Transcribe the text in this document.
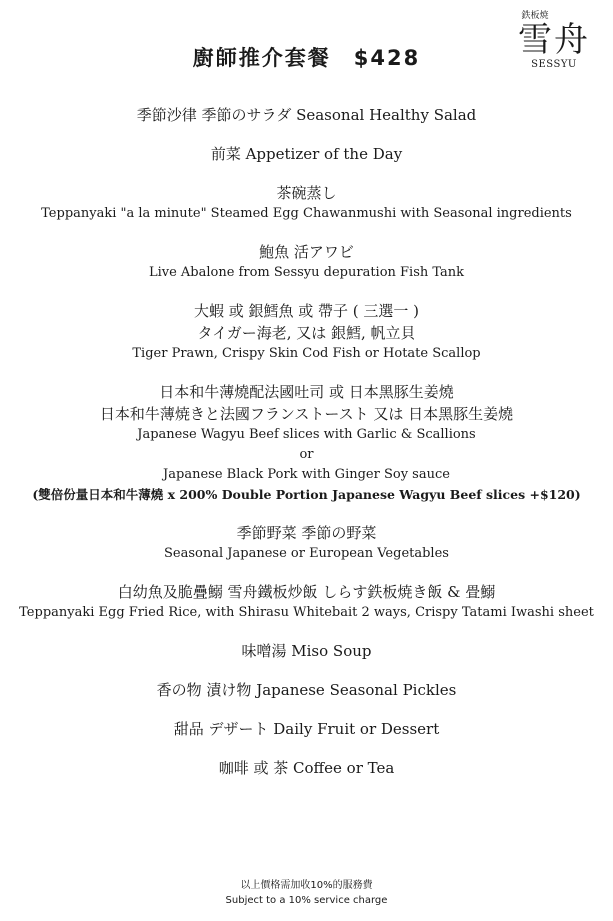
廚師推介套餐　$428
鉄板焼
雪舟
SESSYU
季節沙律 季節のサラダ Seasonal Healthy Salad
前菜 Appetizer of the Day
茶碗蒸し
Teppanyaki "a la minute" Steamed Egg Chawanmushi with Seasonal ingredients
鮑魚 活アワビ
Live Abalone from Sessyu depuration Fish Tank
大蝦 或 銀鱈魚 或 帶子 ( 三選一 )
タイガー海老, 又は 銀鱈, 帆立貝
Tiger Prawn, Crispy Skin Cod Fish or Hotate Scallop
日本和牛薄燒配法國吐司 或 日本黑豚生姜燒
日本和牛薄焼きと法國フランストースト 又は 日本黑豚生姜燒
Japanese Wagyu Beef slices with Garlic & Scallions
or
Japanese Black Pork with Ginger Soy sauce
(雙倍份量日本和牛薄燒 x 200% Double Portion Japanese Wagyu Beef slices +$120)
季節野菜 季節の野菜
Seasonal Japanese or European Vegetables
白幼魚及脆疊鰯 雪舟鐵板炒飯 しらす鉄板焼き飯 & 畳鰯
Teppanyaki Egg Fried Rice, with Shirasu Whitebait 2 ways, Crispy Tatami Iwashi sheet
味噌湯 Miso Soup
香の物 漬け物 Japanese Seasonal Pickles
甜品 デザート Daily Fruit or Dessert
咖啡 或 茶 Coffee or Tea
以上價格需加收10%的服務費
Subject to a 10% service charge
